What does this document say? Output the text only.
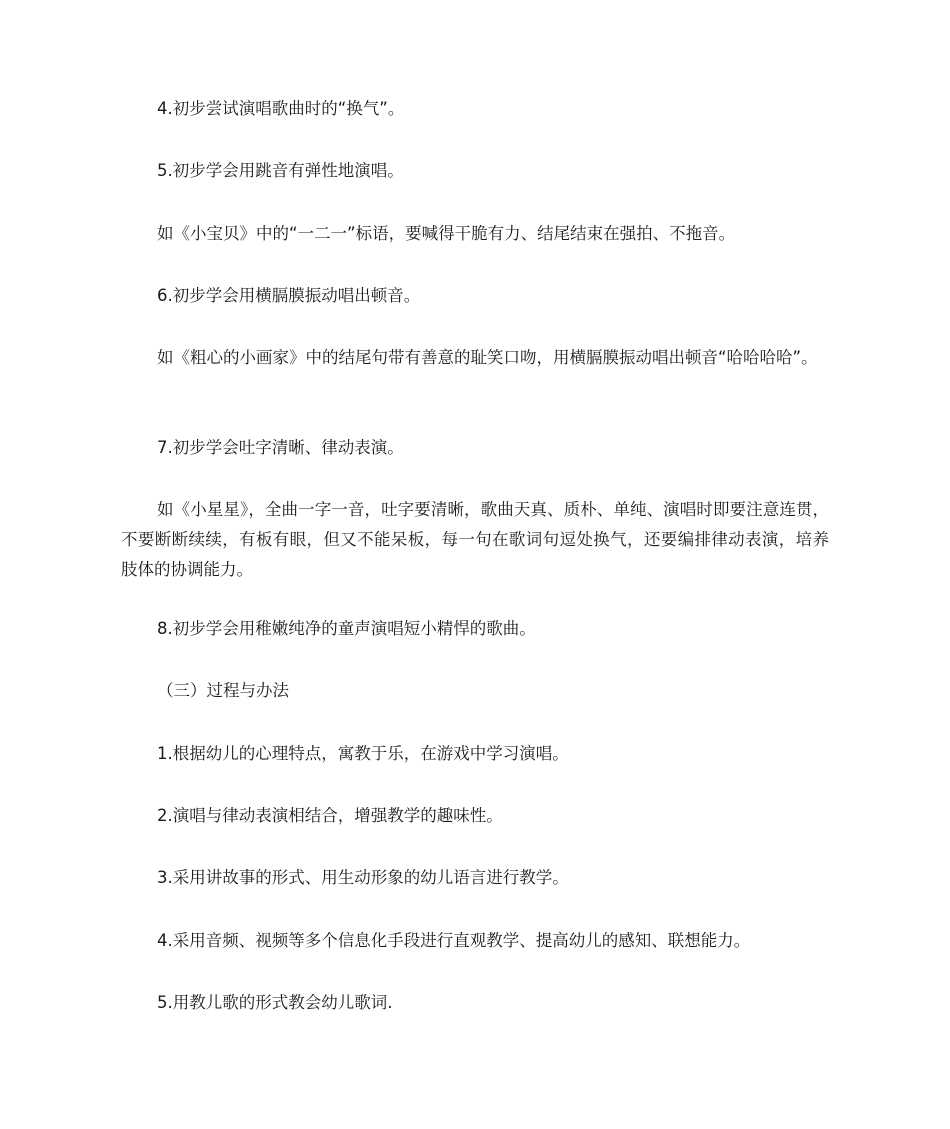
4.初步尝试演唱歌曲时的“换气”。

5.初步学会用跳音有弹性地演唱。

如《小宝贝》中的“一二一”标语，要喊得干脆有力、结尾结束在强拍、不拖音。

6.初步学会用横膈膜振动唱出顿音。

如《粗心的小画家》中的结尾句带有善意的耻笑口吻，用横膈膜振动唱出顿音“哈哈哈哈”。

7.初步学会吐字清晰、律动表演。

如《小星星》，全曲一字一音，吐字要清晰，歌曲天真、质朴、单纯、演唱时即要注意连贯，不要断断续续，有板有眼，但又不能呆板，每一句在歌词句逗处换气，还要编排律动表演，培养肢体的协调能力。

8.初步学会用稚嫩纯净的童声演唱短小精悍的歌曲。

（三）过程与办法

1.根据幼儿的心理特点，寓教于乐，在游戏中学习演唱。

2.演唱与律动表演相结合，增强教学的趣味性。

3.采用讲故事的形式、用生动形象的幼儿语言进行教学。

4.采用音频、视频等多个信息化手段进行直观教学、提高幼儿的感知、联想能力。

5.用教儿歌的形式教会幼儿歌词.
